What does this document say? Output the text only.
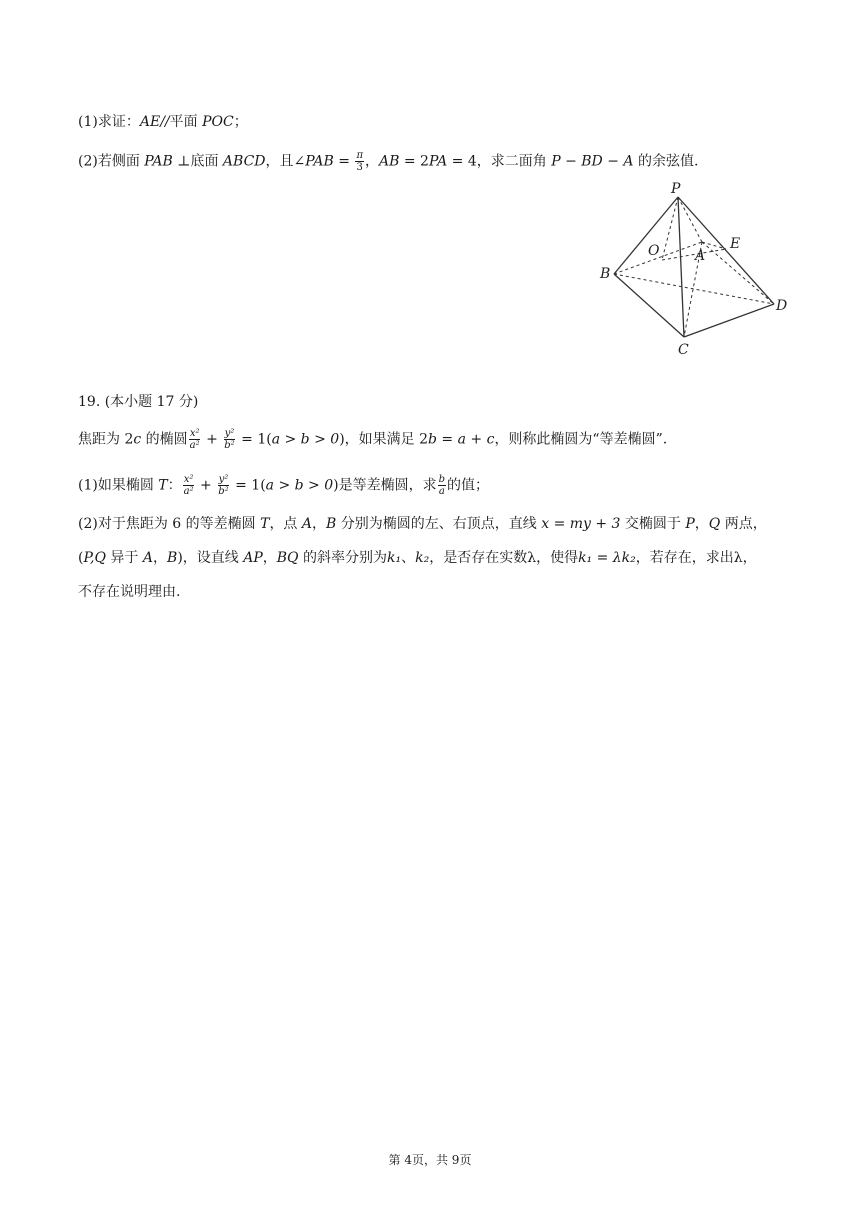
(1)求证：AE//平面 POC；
(2)若侧面 PAB ⊥底面 ABCD，且∠PAB = $\frac{\pi}{3}$ ，AB = 2PA = 4，求二面角 P − BD − A 的余弦值.
P
O	A
E
B
D
C
19. (本小题 17 分)
焦距为 2c 的椭圆 $\frac{\text{x²}}{\text{a²}} + \frac{\text{y²}}{\text{b²}} = 1(a > b > 0)$，如果满足 2b = a + c，则称此椭圆为“等差椭圆”.
(1)如果椭圆 T： $\frac{\text{x²}}{\text{a²}} + \frac{\text{y²}}{\text{b²}} = 1(a > b > 0)$是等差椭圆，求 $\frac{b}{a}$ 的值；
(2)对于焦距为 6 的等差椭圆 T，点 A，B 分别为椭圆的左、右顶点，直线 x = my + 3 交椭圆于 P，Q 两点，
(P,Q 异于 A，B)，设直线 AP，BQ 的斜率分别为k₁、k₂，是否存在实数λ，使得k₁ = λk₂，若存在，求出λ，
不存在说明理由.
第 4页，共 9页
